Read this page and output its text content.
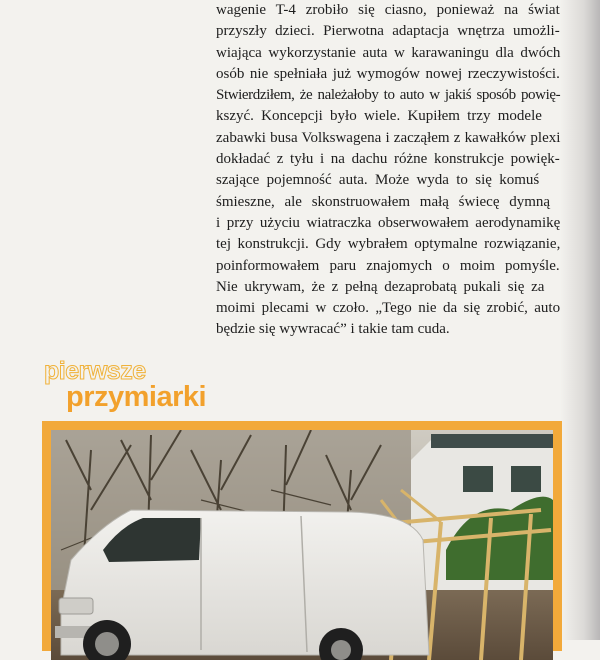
wagenie T-4 zrobiło się ciasno, ponieważ na świat
przyszły dzieci. Pierwotna adaptacja wnętrza umożli-
wiająca wykorzystanie auta w karawaningu dla dwóch
osób nie spełniała już wymogów nowej rzeczywistości.
Stwierdziłem, że należałoby to auto w jakiś sposób powię-
kszyć. Koncepcji było wiele. Kupiłem trzy modele
zabawki busa Volkswagena i zacząłem z kawałków plexi
dokładać z tyłu i na dachu różne konstrukcje powięk-
szające pojemność auta. Może wyda to się komuś
śmieszne, ale skonstruowałem małą świecę dymną
i przy użyciu wiatraczka obserwowałem aerodynamikę
tej konstrukcji. Gdy wybrałem optymalne rozwiązanie,
poinformowałem paru znajomych o moim pomyśle.
Nie ukrywam, że z pełną dezaprobatą pukali się za
moimi plecami w czoło. „Tego nie da się zrobić, auto
będzie się wywracać” i takie tam cuda.
pierwsze
przymiarki
